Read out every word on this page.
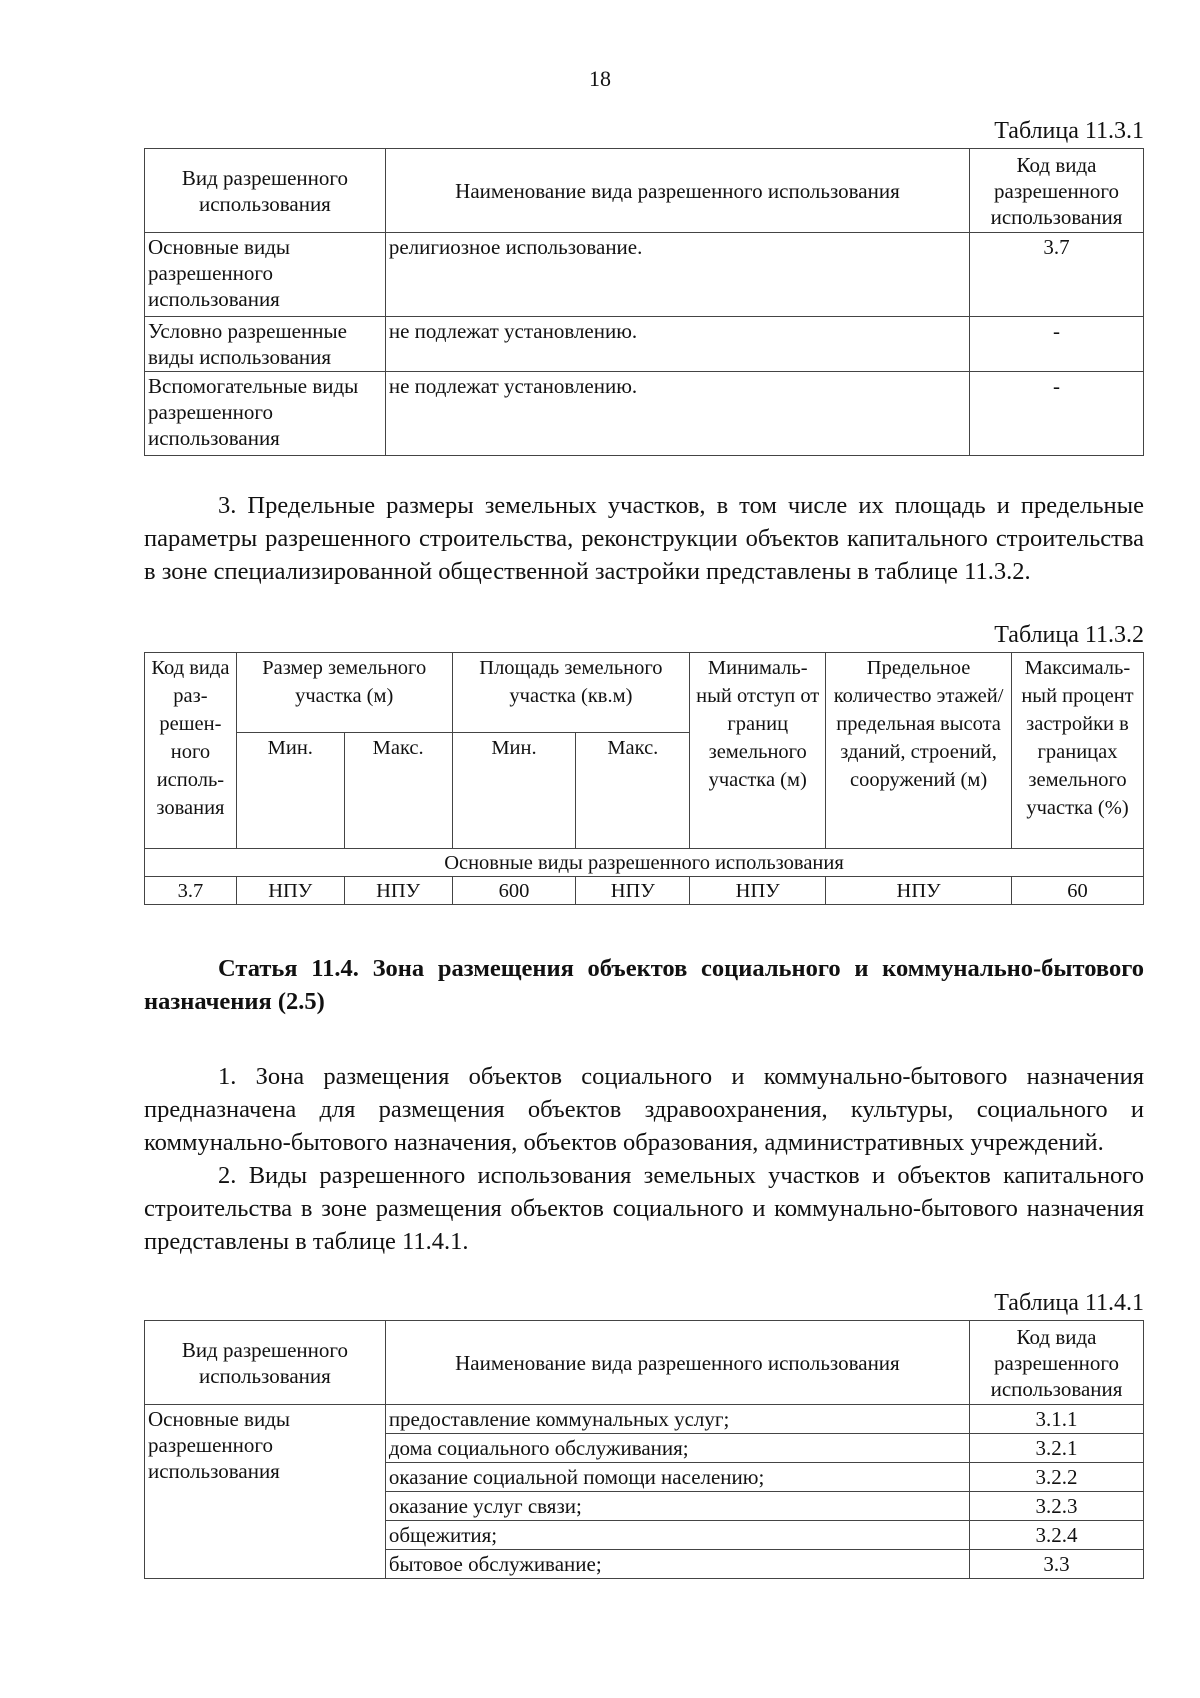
18
Таблица 11.3.1
Вид разрешенного использования	Наименование вида разрешенного использования	Код вида разрешенного использования
Основные виды разрешенного использования	религиозное использование.	3.7
Условно разрешенные виды использования	не подлежат установлению.	-
Вспомогательные виды разрешенного использования	не подлежат установлению.	-

3. Предельные размеры земельных участков, в том числе их площадь и предельные параметры разрешенного строительства, реконструкции объектов капитального строительства в зоне специализированной общественной застройки представлены в таблице 11.3.2.

Таблица 11.3.2
Код вида раз-решен-ного исполь-зования	Размер земельного участка (м)		Площадь земельного участка (кв.м)		Минималь-ный отступ от границ земельного участка (м)	Предельное количество этажей/ предельная высота зданий, строений, сооружений (м)	Максималь-ный процент застройки в границах земельного участка (%)
	Мин.	Макс.	Мин.	Макс.			
Основные виды разрешенного использования							
3.7	НПУ	НПУ	600	НПУ	НПУ	НПУ	60
Статья 11.4. Зона размещения объектов социального и коммунально-бытового назначения (2.5)

1. Зона размещения объектов социального и коммунально-бытового назначения предназначена для размещения объектов здравоохранения, культуры, социального и коммунально-бытового назначения, объектов образования, административных учреждений.

2. Виды разрешенного использования земельных участков и объектов капитального строительства в зоне размещения объектов социального и коммунально-бытового назначения представлены в таблице 11.4.1.

Таблица 11.4.1
Вид разрешенного использования	Наименование вида разрешенного использования	Код вида разрешенного использования
Основные виды разрешенного использования	предоставление коммунальных услуг;	3.1.1
	дома социального обслуживания;	3.2.1
	оказание социальной помощи населению;	3.2.2
	оказание услуг связи;	3.2.3
	общежития;	3.2.4
	бытовое обслуживание;	3.3
